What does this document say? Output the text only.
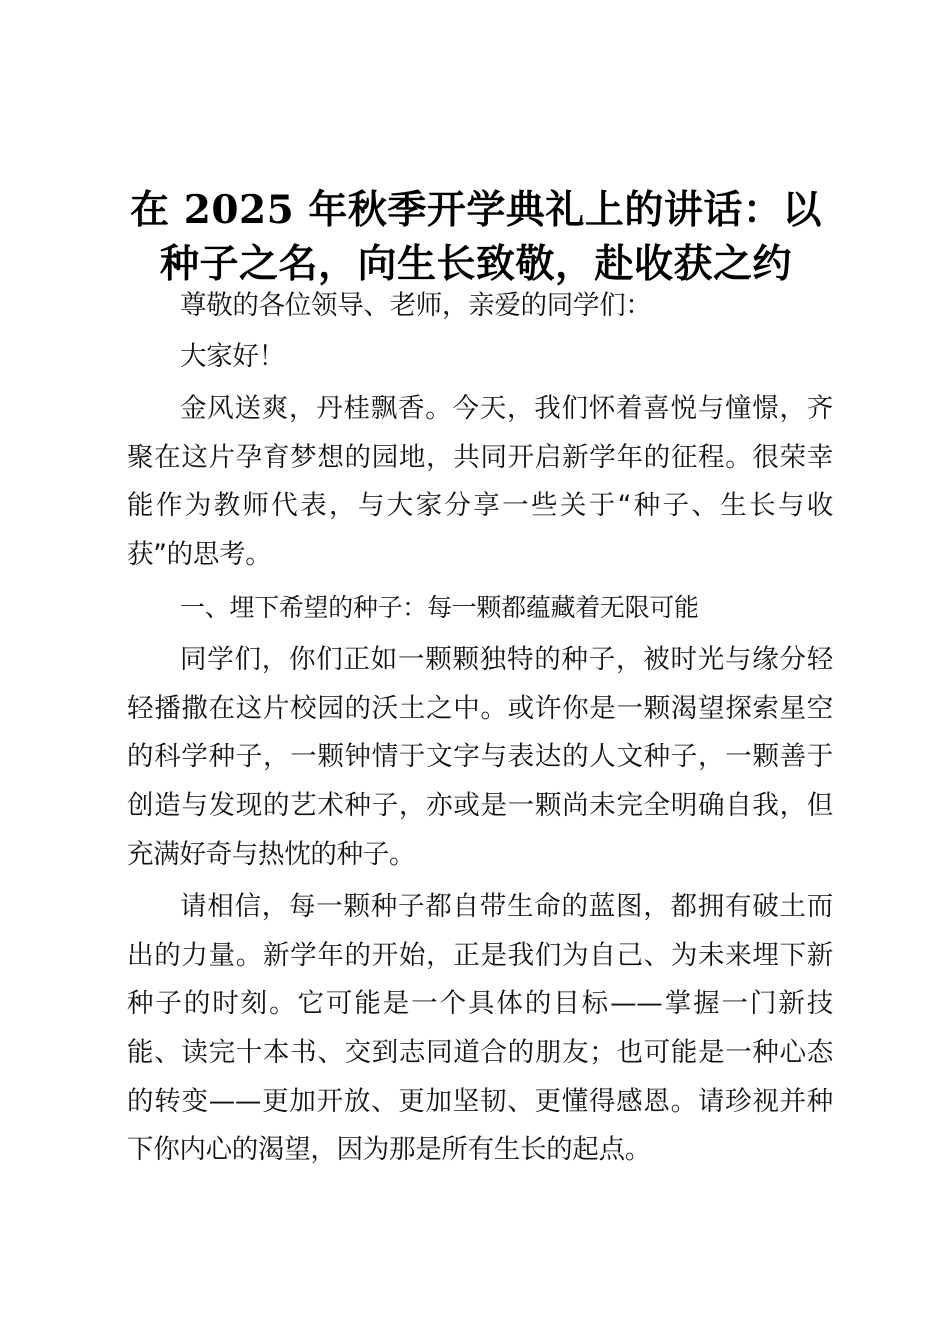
在 2025 年秋季开学典礼上的讲话：以
种子之名，向生长致敬，赴收获之约

尊敬的各位领导、老师，亲爱的同学们：

大家好！

金风送爽，丹桂飘香。今天，我们怀着喜悦与憧憬，齐聚在这片孕育梦想的园地，共同开启新学年的征程。很荣幸能作为教师代表，与大家分享一些关于“种子、生长与收获”的思考。

一、埋下希望的种子：每一颗都蕴藏着无限可能

同学们，你们正如一颗颗独特的种子，被时光与缘分轻轻播撒在这片校园的沃土之中。或许你是一颗渴望探索星空的科学种子，一颗钟情于文字与表达的人文种子，一颗善于创造与发现的艺术种子，亦或是一颗尚未完全明确自我，但充满好奇与热忱的种子。

请相信，每一颗种子都自带生命的蓝图，都拥有破土而出的力量。新学年的开始，正是我们为自己、为未来埋下新种子的时刻。它可能是一个具体的目标——掌握一门新技能、读完十本书、交到志同道合的朋友；也可能是一种心态的转变——更加开放、更加坚韧、更懂得感恩。请珍视并种下你内心的渴望，因为那是所有生长的起点。
